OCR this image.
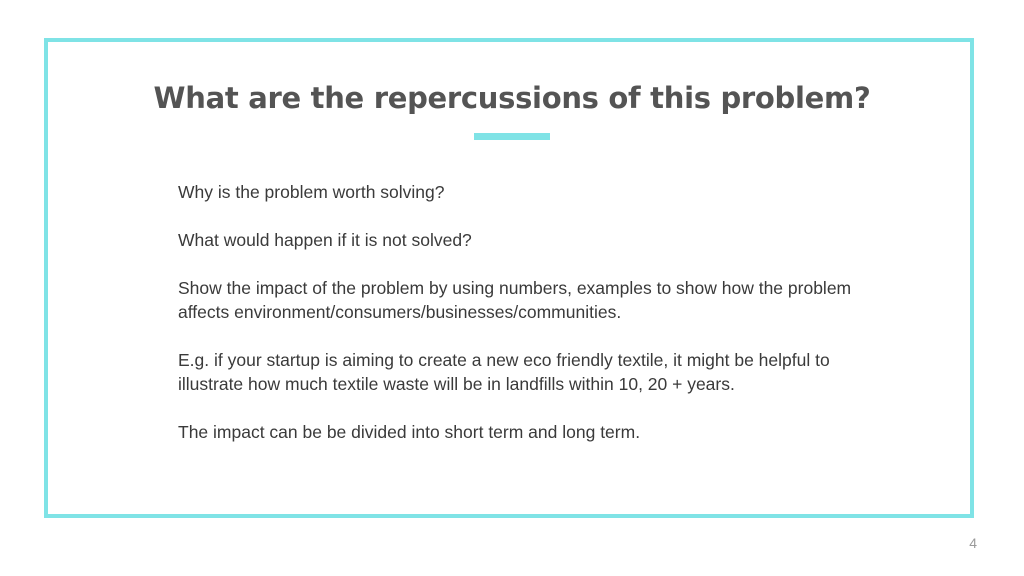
What are the repercussions of this problem?

Why is the problem worth solving?

What would happen if it is not solved?

Show the impact of the problem by using numbers, examples to show how the problem affects environment/consumers/businesses/communities.

E.g. if your startup is aiming to create a new eco friendly textile, it might be helpful to illustrate how much textile waste will be in landfills within 10, 20 + years.

The impact can be be divided into short term and long term.

4
